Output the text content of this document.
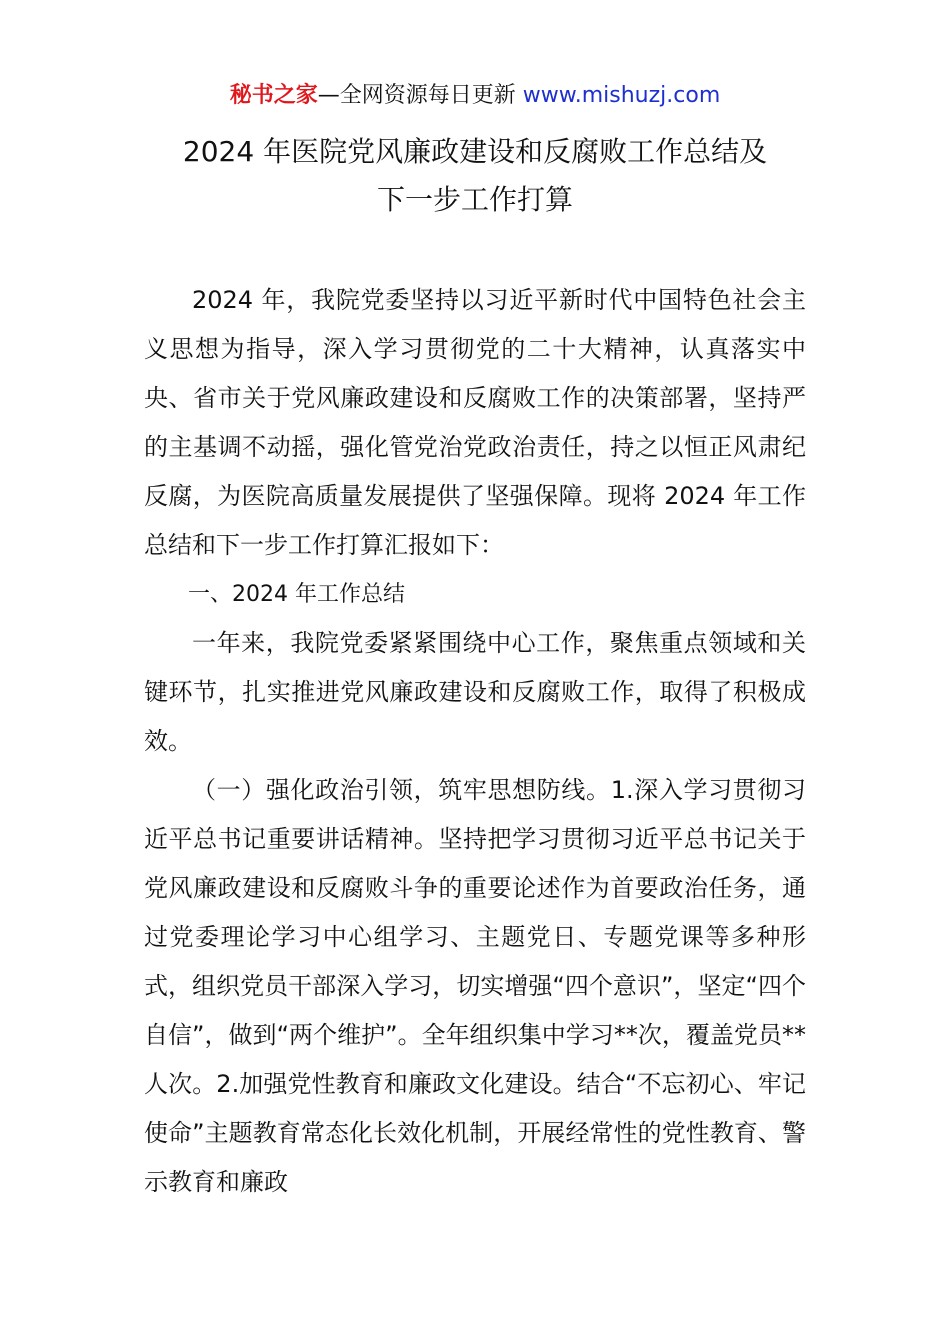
秘书之家—全网资源每日更新 www.mishuzj.com
2024 年医院党风廉政建设和反腐败工作总结及
下一步工作打算

2024 年，我院党委坚持以习近平新时代中国特色社会主义思想为指导，深入学习贯彻党的二十大精神，认真落实中央、省市关于党风廉政建设和反腐败工作的决策部署，坚持严的主基调不动摇，强化管党治党政治责任，持之以恒正风肃纪反腐，为医院高质量发展提供了坚强保障。现将 2024 年工作总结和下一步工作打算汇报如下：

一、2024 年工作总结

一年来，我院党委紧紧围绕中心工作，聚焦重点领域和关键环节，扎实推进党风廉政建设和反腐败工作，取得了积极成效。

（一）强化政治引领，筑牢思想防线。1.深入学习贯彻习近平总书记重要讲话精神。坚持把学习贯彻习近平总书记关于党风廉政建设和反腐败斗争的重要论述作为首要政治任务，通过党委理论学习中心组学习、主题党日、专题党课等多种形式，组织党员干部深入学习，切实增强“四个意识”，坚定“四个自信”，做到“两个维护”。全年组织集中学习**次，覆盖党员**人次。2.加强党性教育和廉政文化建设。结合“不忘初心、牢记使命”主题教育常态化长效化机制，开展经常性的党性教育、警示教育和廉政
